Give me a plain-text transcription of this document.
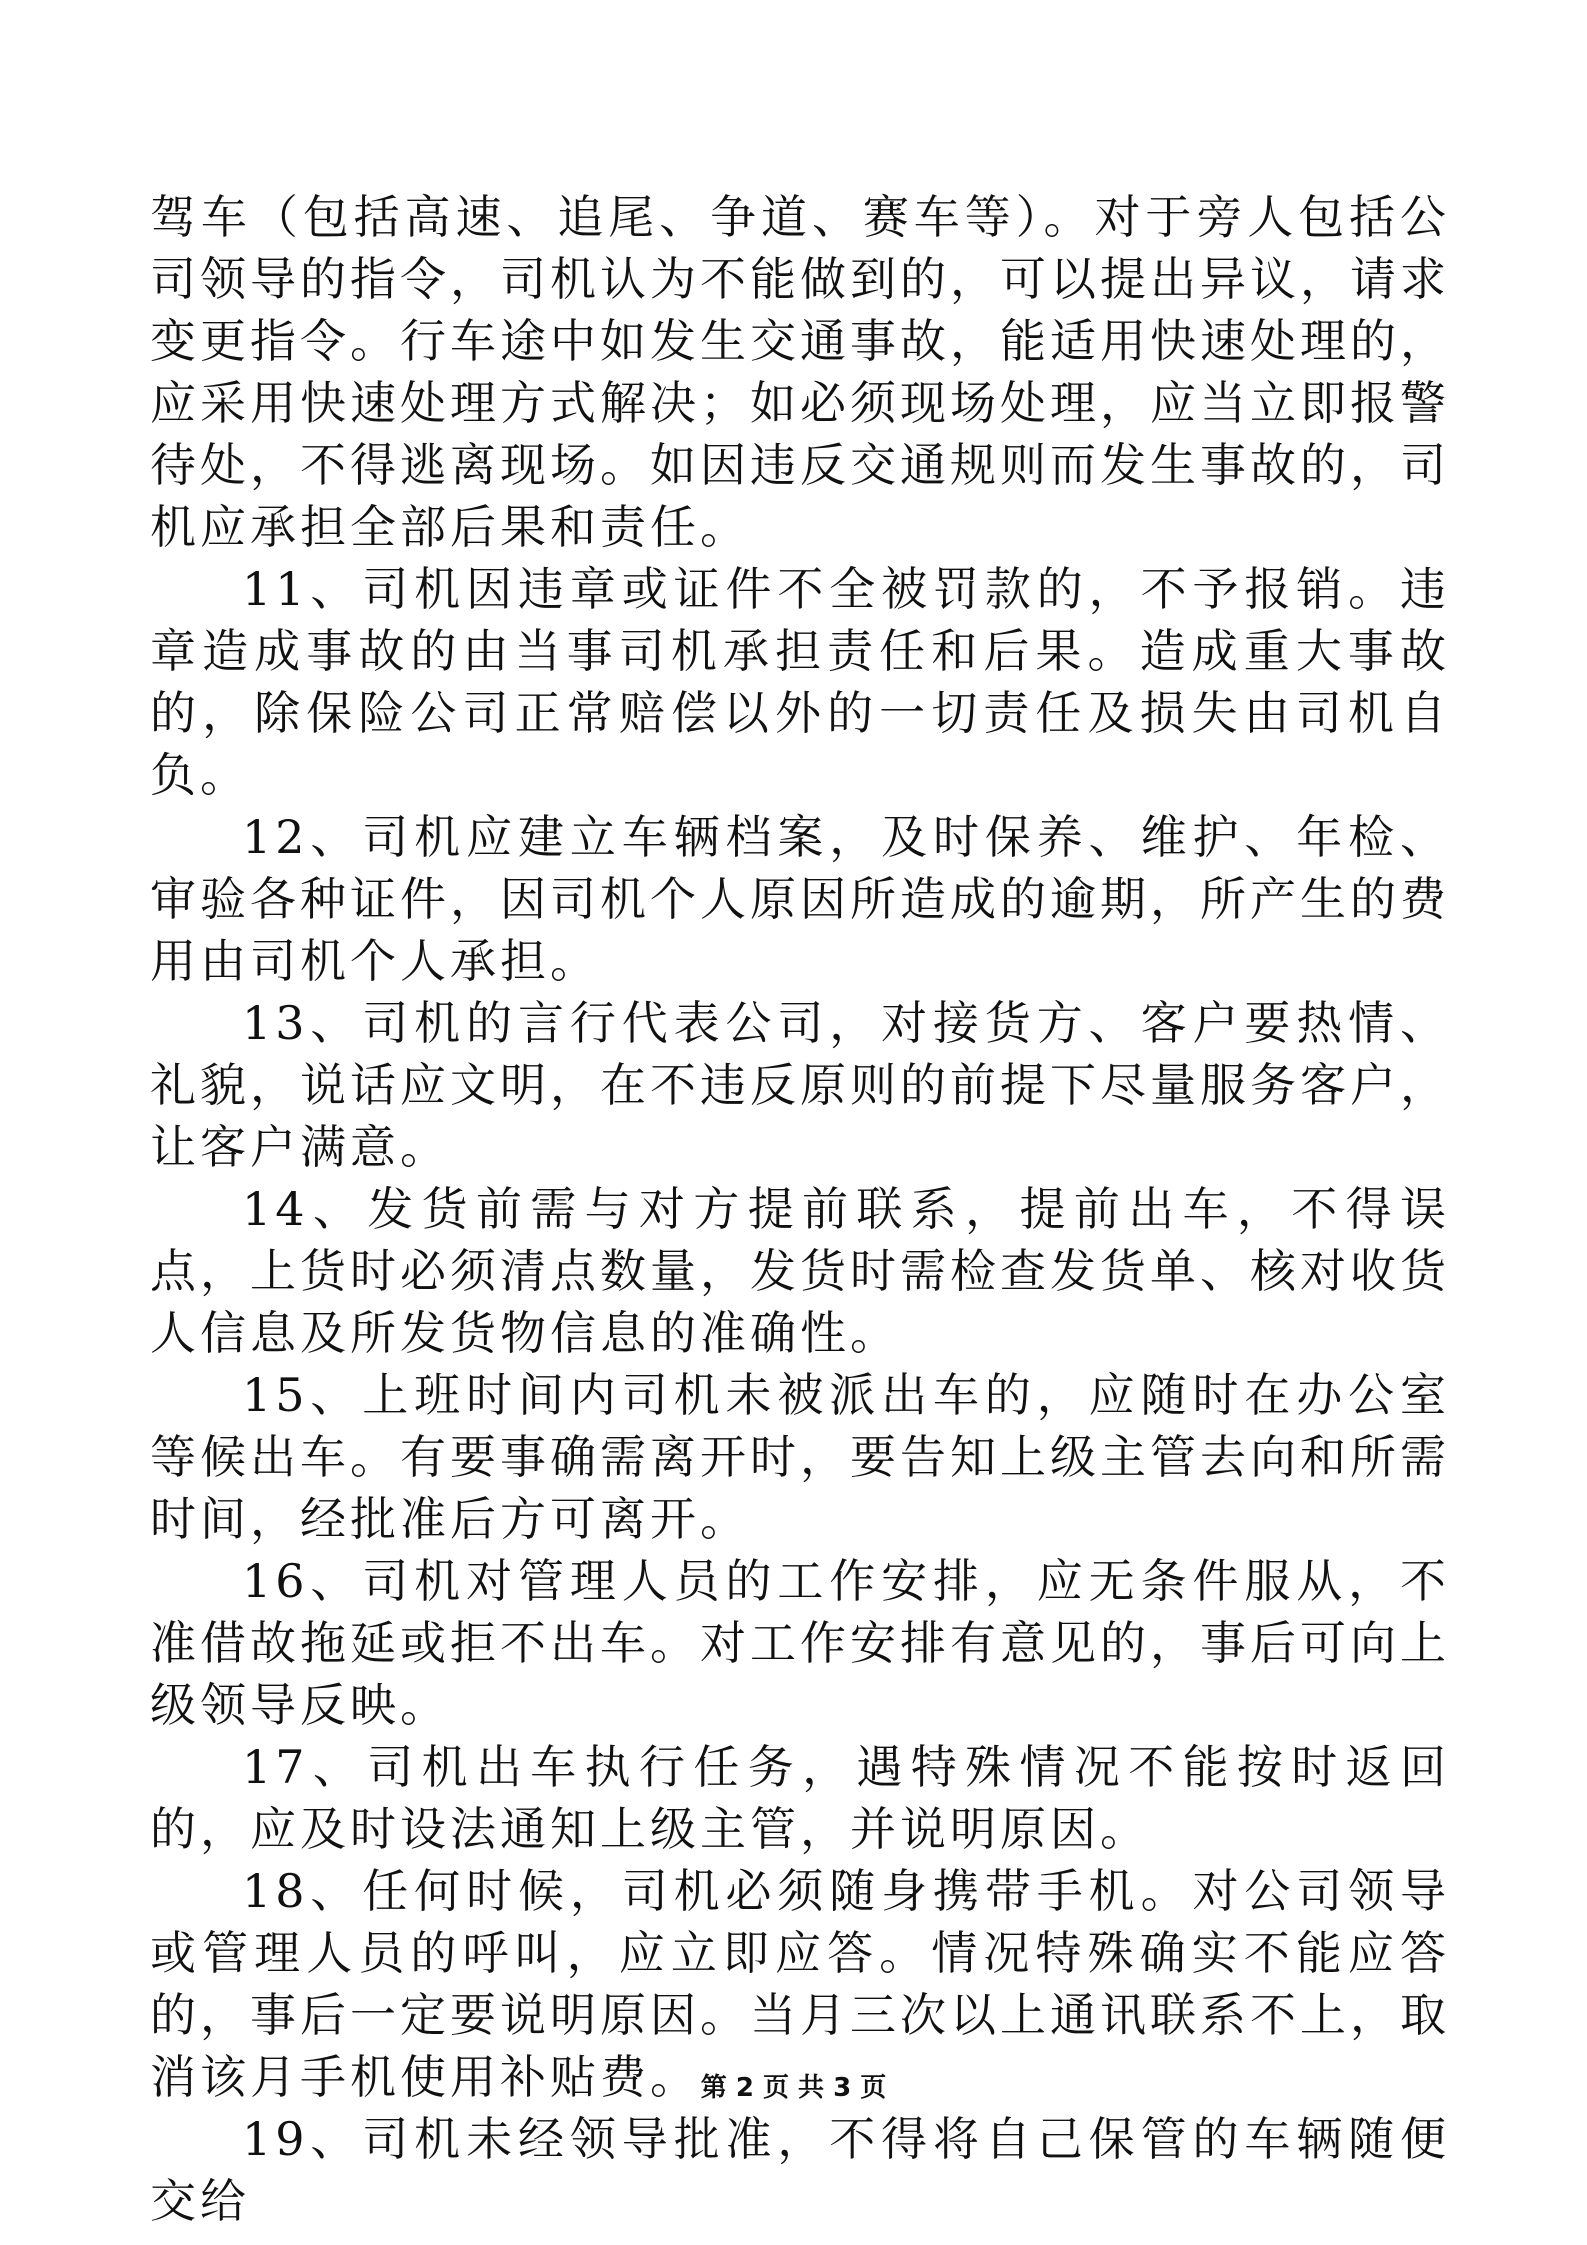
驾车（包括高速、追尾、争道、赛车等）。对于旁人包括公司领导的指令，司机认为不能做到的，可以提出异议，请求变更指令。行车途中如发生交通事故，能适用快速处理的，应采用快速处理方式解决；如必须现场处理，应当立即报警待处，不得逃离现场。如因违反交通规则而发生事故的，司机应承担全部后果和责任。

11、司机因违章或证件不全被罚款的，不予报销。违章造成事故的由当事司机承担责任和后果。造成重大事故的，除保险公司正常赔偿以外的一切责任及损失由司机自负。

12、司机应建立车辆档案，及时保养、维护、年检、审验各种证件，因司机个人原因所造成的逾期，所产生的费用由司机个人承担。

13、司机的言行代表公司，对接货方、客户要热情、礼貌，说话应文明，在不违反原则的前提下尽量服务客户，让客户满意。

14、发货前需与对方提前联系，提前出车，不得误点，上货时必须清点数量，发货时需检查发货单、核对收货人信息及所发货物信息的准确性。

15、上班时间内司机未被派出车的，应随时在办公室等候出车。有要事确需离开时，要告知上级主管去向和所需时间，经批准后方可离开。

16、司机对管理人员的工作安排，应无条件服从，不准借故拖延或拒不出车。对工作安排有意见的，事后可向上级领导反映。

17、司机出车执行任务，遇特殊情况不能按时返回的，应及时设法通知上级主管，并说明原因。

18、任何时候，司机必须随身携带手机。对公司领导或管理人员的呼叫，应立即应答。情况特殊确实不能应答的，事后一定要说明原因。当月三次以上通讯联系不上，取消该月手机使用补贴费。

19、司机未经领导批准，不得将自己保管的车辆随便交给

第 2 页 共 3 页
